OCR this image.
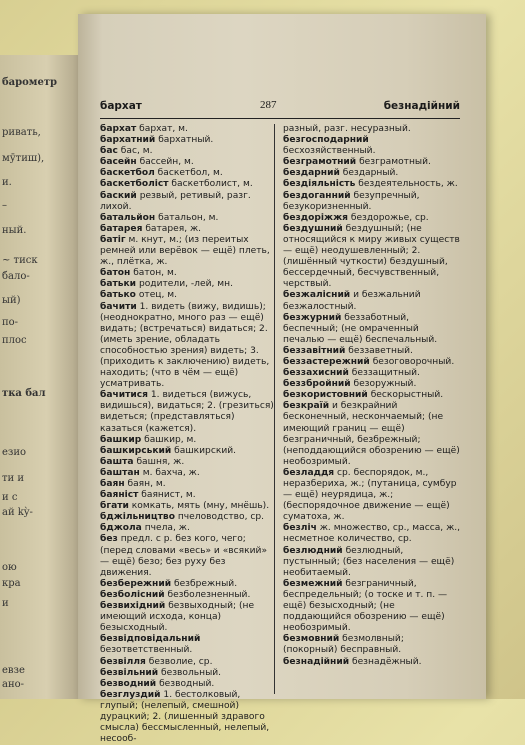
барометр
ривать,
мӯтиш),
и.
–
ный.
~ тиск
бало-
ый)
по-
плос
тка бал
езио
ти и
и с
ай kỳ-
ою
кра
и
евзе
ано-
бархат	287	безнадійний

бархат бархат, м.

бархатний бархатный.

бас бас, м.

басейн бассейн, м.

баскетбол баскетбол, м.

баскетболіст баскетболист, м.

баский резвый, ретивый, разг. лихой.

батальйон батальон, м.

батарея батарея, ж.

батіг м. кнут, м.; (из переитых ремней или верёвок — ещё) плеть, ж., плётка, ж.

батон батон, м.

батьки родители, -лей, мн.

батько отец, м.

бачити 1. видеть (вижу, видишь); (неоднократно, много раз — ещё) видать; (встречаться) видаться; 2. (иметь зрение, обладать способностью зрения) видеть; 3. (приходить к заключению) видеть, находить; (что в чём — ещё) усматривать.

бачитися 1. видеться (вижусь, видишься), видаться; 2. (грезиться) видеться; (представляться) казаться (кажется).

башкир башкир, м.

башкирський башкирский.

башта башня, ж.

баштан м. бахча, ж.

баян баян, м.

баяніст баянист, м.

бгати комкать, мять (мну, мнёшь).

бджільництво пчеловодство, ср.

бджола пчела, ж.

без предл. с р. без кого, чего; (перед словами «весь» и «всякий» — ещё) безо; без руху без движения.

безбережний безбрежный.

безболісний безболезненный.

безвихідний безвыходный; (не имеющий исхода, конца) безысходный.

безвідповідальний безответственный.

безвілля безволие, ср.

безвільний безвольный.

безводний безводный.

безглуздий 1. бестолковый, глупый; (нелепый, смешной) дурацкий; 2. (лишенный здравого смысла) бессмысленный, нелепый, несооб-

разный, разг. несуразный.

безгосподарний бесхозяйственный.

безграмотний безграмотный.

бездарний бездарный.

бездіяльність бездеятельность, ж.

бездоганний безупречный, безукоризненный.

бездоріжжя бездорожье, ср.

бездушний бездушный; (не относящийся к миру живых существ — ещё) неодушевленный; 2. (лишённый чуткости) бездушный, бессердечный, бесчувственный, черствый.

безжалісний и безжальний безжалостный.

безжурний беззаботный, беспечный; (не омраченный печалью — ещё) беспечальный.

беззавітний беззаветный.

беззастережний безоговорочный.

беззахисний беззащитный.

беззбройний безоружный.

безкористовний бескорыстный.

безкраїй и безкрайний бесконечный, нескончаемый; (не имеющий границ — ещё) безграничный, безбрежный; (неподдающийся обозрению — ещё) необозримый.

безладдя ср. беспорядок, м., неразбериха, ж.; (путаница, сумбур — ещё) неурядица, ж.; (беспорядочное движение — ещё) суматоха, ж.

безліч ж. множество, ср., масса, ж., несметное количество, ср.

безлюдний безлюдный, пустынный; (без населения — ещё) необитаемый.

безмежний безграничный, беспредельный; (о тоске и т. п. — ещё) безысходный; (не поддающийся обозрению — ещё) необозримый.

безмовний безмолвный; (покорный) бесправный.

безнадійний безнадёжный.
